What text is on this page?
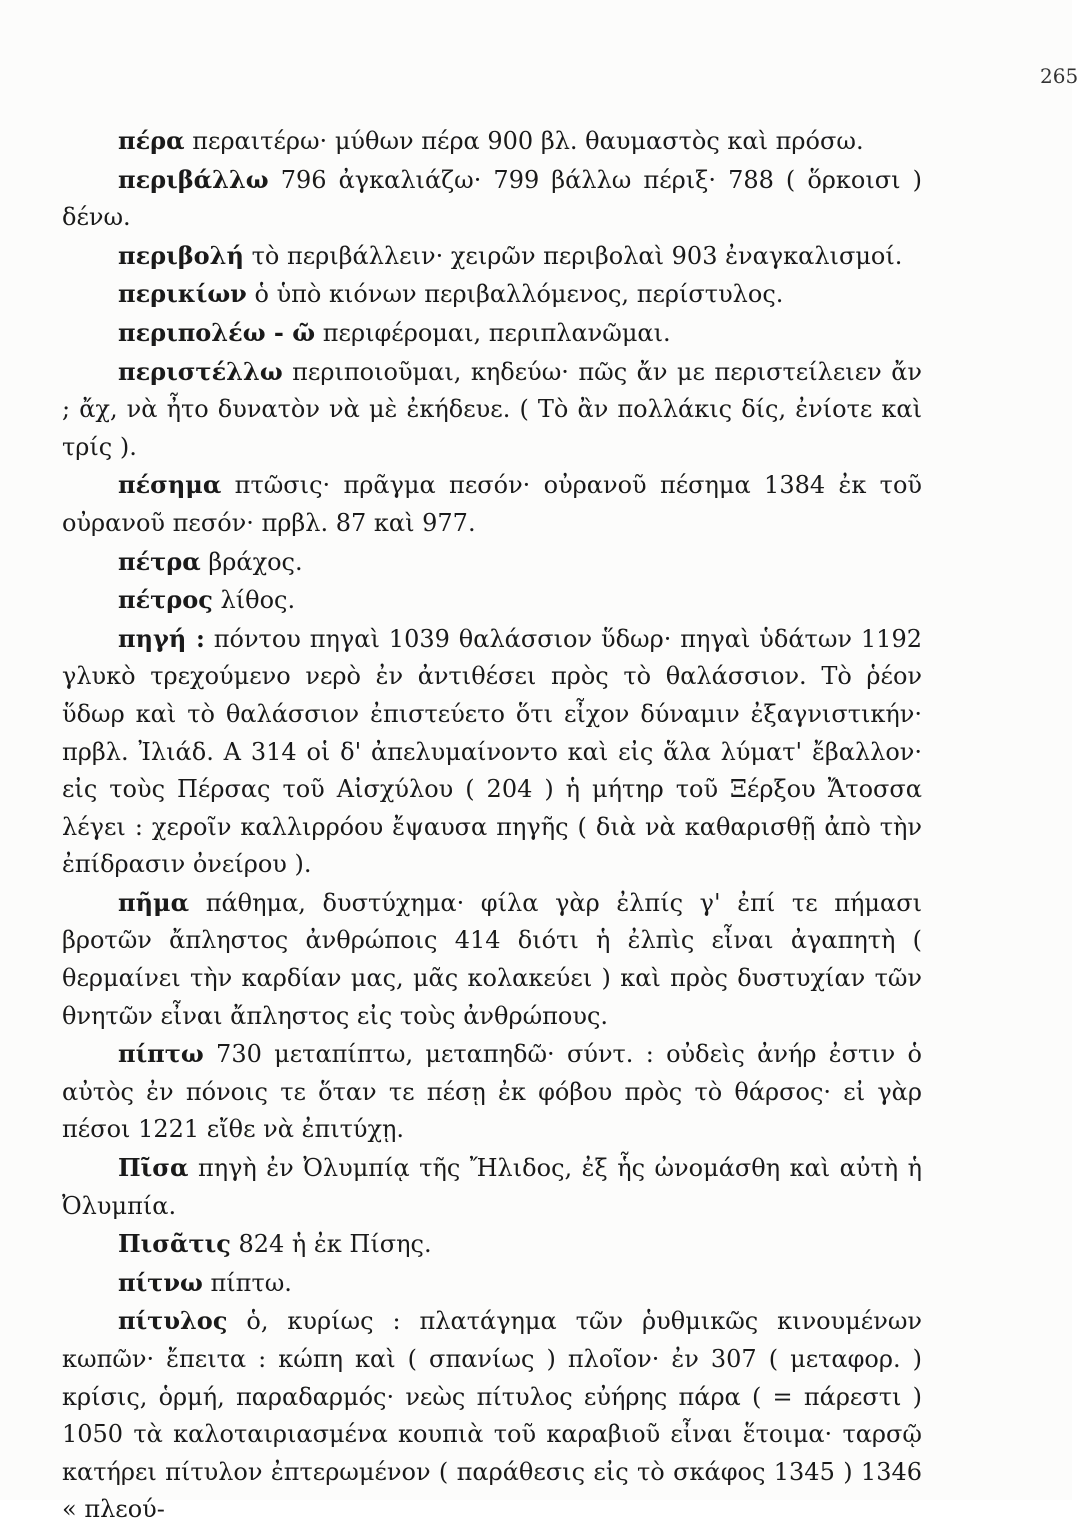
265

πέρα περαιτέρω· μύθων πέρα 900 βλ. θαυμαστὸς καὶ πρόσω.

περιβάλλω 796 ἀγκαλιάζω· 799 βάλλω πέριξ· 788 ( ὅρκοισι ) δένω.

περιβολή τὸ περιβάλλειν· χειρῶν περιβολαὶ 903 ἐναγκαλισμοί.

περικίων ὁ ὑπὸ κιόνων περιβαλλόμενος, περίστυλος.

περιπολέω - ῶ περιφέρομαι, περιπλανῶμαι.

περιστέλλω περιποιοῦμαι, κηδεύω· πῶς ἄν με περιστείλειεν ἄν ; ἄχ, νὰ ἦτο δυνατὸν νὰ μὲ ἐκήδευε. ( Τὸ ἂν πολλάκις δίς, ἐνίοτε καὶ τρίς ).

πέσημα πτῶσις· πρᾶγμα πεσόν· οὐρανοῦ πέσημα 1384 ἐκ τοῦ οὐρανοῦ πεσόν· πρβλ. 87 καὶ 977.

πέτρα βράχος.

πέτρος λίθος.

πηγή : πόντου πηγαὶ 1039 θαλάσσιον ὕδωρ· πηγαὶ ὑδάτων 1192 γλυκὸ τρεχούμενο νερὸ ἐν ἀντιθέσει πρὸς τὸ θαλάσσιον. Τὸ ῥέον ὕδωρ καὶ τὸ θαλάσσιον ἐπιστεύετο ὅτι εἶχον δύναμιν ἐξαγνιστικήν· πρβλ. Ἰλιάδ. Α 314 οἱ δ' ἀπελυμαίνοντο καὶ εἰς ἅλα λύματ' ἔβαλλον· εἰς τοὺς Πέρσας τοῦ Αἰσχύλου ( 204 ) ἡ μήτηρ τοῦ Ξέρξου Ἄτοσσα λέγει : χεροῖν καλλιρρόου ἔψαυσα πηγῆς ( διὰ νὰ καθαρισθῇ ἀπὸ τὴν ἐπίδρασιν ὀνείρου ).

πῆμα πάθημα, δυστύχημα· φίλα γὰρ ἐλπίς γ' ἐπί τε πήμασι βροτῶν ἄπληστος ἀνθρώποις 414 διότι ἡ ἐλπὶς εἶναι ἀγαπητὴ ( θερμαίνει τὴν καρδίαν μας, μᾶς κολακεύει ) καὶ πρὸς δυστυχίαν τῶν θνητῶν εἶναι ἄπληστος εἰς τοὺς ἀνθρώπους.

πίπτω 730 μεταπίπτω, μεταπηδῶ· σύντ. : οὐδεὶς ἀνήρ ἐστιν ὁ αὐτὸς ἐν πόνοις τε ὅταν τε πέσῃ ἐκ φόβου πρὸς τὸ θάρσος· εἰ γὰρ πέσοι 1221 εἴθε νὰ ἐπιτύχῃ.

Πῖσα πηγὴ ἐν Ὀλυμπίᾳ τῆς Ἤλιδος, ἐξ ἧς ὠνομάσθη καὶ αὐτὴ ἡ Ὀλυμπία.

Πισᾶτις 824 ἡ ἐκ Πίσης.

πίτνω πίπτω.

πίτυλος ὁ, κυρίως : πλατάγημα τῶν ῥυθμικῶς κινουμένων κωπῶν· ἔπειτα : κώπη καὶ ( σπανίως ) πλοῖον· ἐν 307 ( μεταφορ. ) κρίσις, ὁρμή, παραδαρμός· νεὼς πίτυλος εὐήρης πάρα ( = πάρεστι ) 1050 τὰ καλοταιριασμένα κουπιὰ τοῦ καραβιοῦ εἶναι ἕτοιμα· ταρσῷ κατήρει πίτυλον ἐπτερωμένον ( παράθεσις εἰς τὸ σκάφος 1345 ) 1346 « πλεού-
